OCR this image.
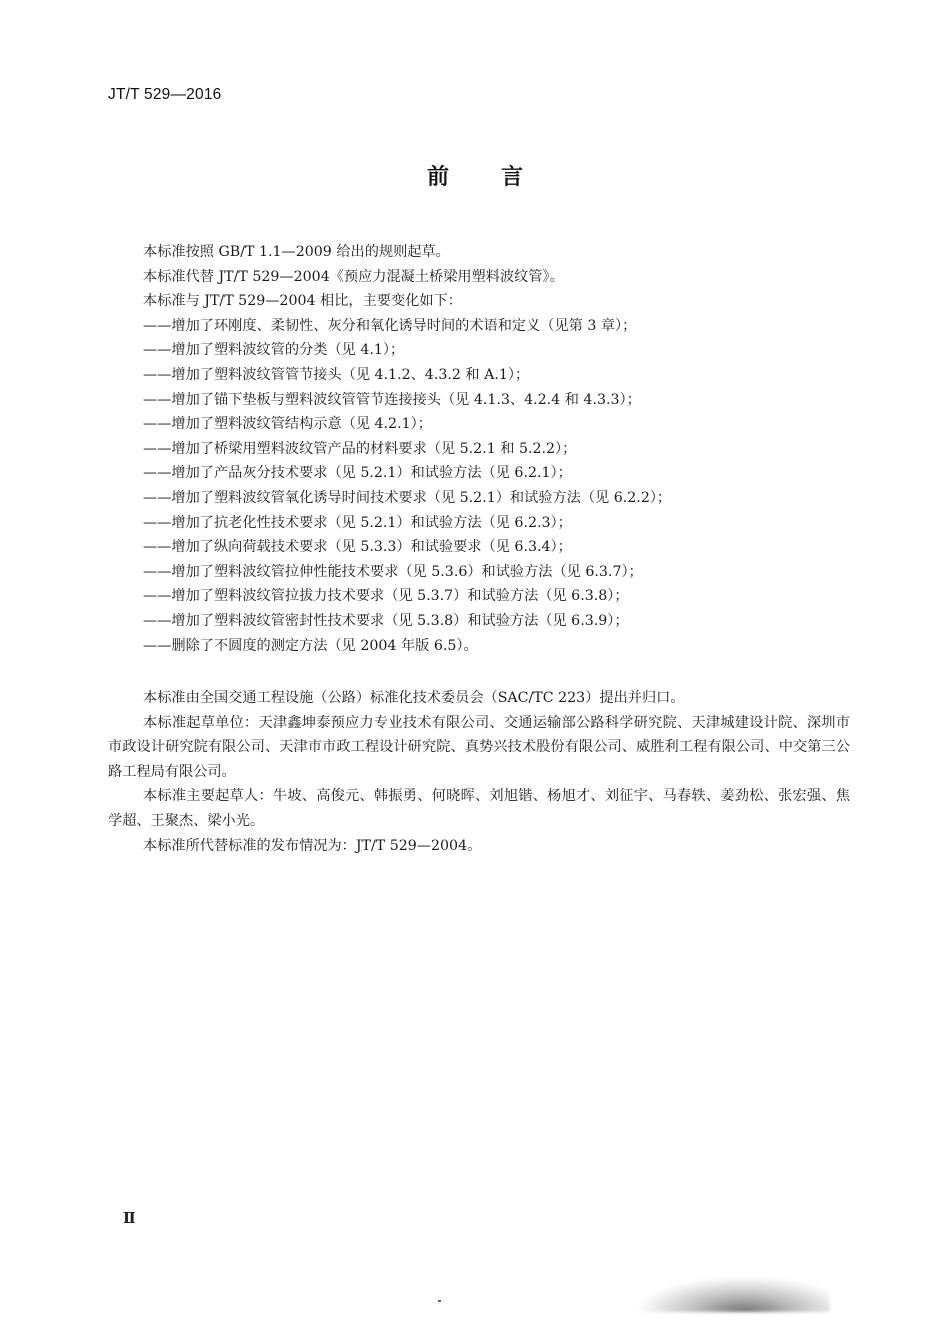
JT/T 529—2016
前 言
本标准按照 GB/T 1.1—2009 给出的规则起草。
本标准代替 JT/T 529—2004《预应力混凝土桥梁用塑料波纹管》。
本标准与 JT/T 529—2004 相比，主要变化如下：
——增加了环刚度、柔韧性、灰分和氧化诱导时间的术语和定义（见第 3 章）；
——增加了塑料波纹管的分类（见 4.1）；
——增加了塑料波纹管管节接头（见 4.1.2、4.3.2 和 A.1）；
——增加了锚下垫板与塑料波纹管管节连接接头（见 4.1.3、4.2.4 和 4.3.3）；
——增加了塑料波纹管结构示意（见 4.2.1）；
——增加了桥梁用塑料波纹管产品的材料要求（见 5.2.1 和 5.2.2）；
——增加了产品灰分技术要求（见 5.2.1）和试验方法（见 6.2.1）；
——增加了塑料波纹管氧化诱导时间技术要求（见 5.2.1）和试验方法（见 6.2.2）；
——增加了抗老化性技术要求（见 5.2.1）和试验方法（见 6.2.3）；
——增加了纵向荷载技术要求（见 5.3.3）和试验要求（见 6.3.4）；
——增加了塑料波纹管拉伸性能技术要求（见 5.3.6）和试验方法（见 6.3.7）；
——增加了塑料波纹管拉拔力技术要求（见 5.3.7）和试验方法（见 6.3.8）；
——增加了塑料波纹管密封性技术要求（见 5.3.8）和试验方法（见 6.3.9）；
——删除了不圆度的测定方法（见 2004 年版 6.5）。
本标准由全国交通工程设施（公路）标准化技术委员会（SAC/TC 223）提出并归口。
本标准起草单位：天津鑫坤泰预应力专业技术有限公司、交通运输部公路科学研究院、天津城建设计院、深圳市市政设计研究院有限公司、天津市市政工程设计研究院、真势兴技术股份有限公司、威胜利工程有限公司、中交第三公路工程局有限公司。
本标准主要起草人：牛坡、高俊元、韩振勇、何晓晖、刘旭锴、杨旭才、刘征宇、马春轶、姜劲松、张宏强、焦学超、王聚杰、梁小光。
本标准所代替标准的发布情况为：JT/T 529—2004。
Ⅱ
